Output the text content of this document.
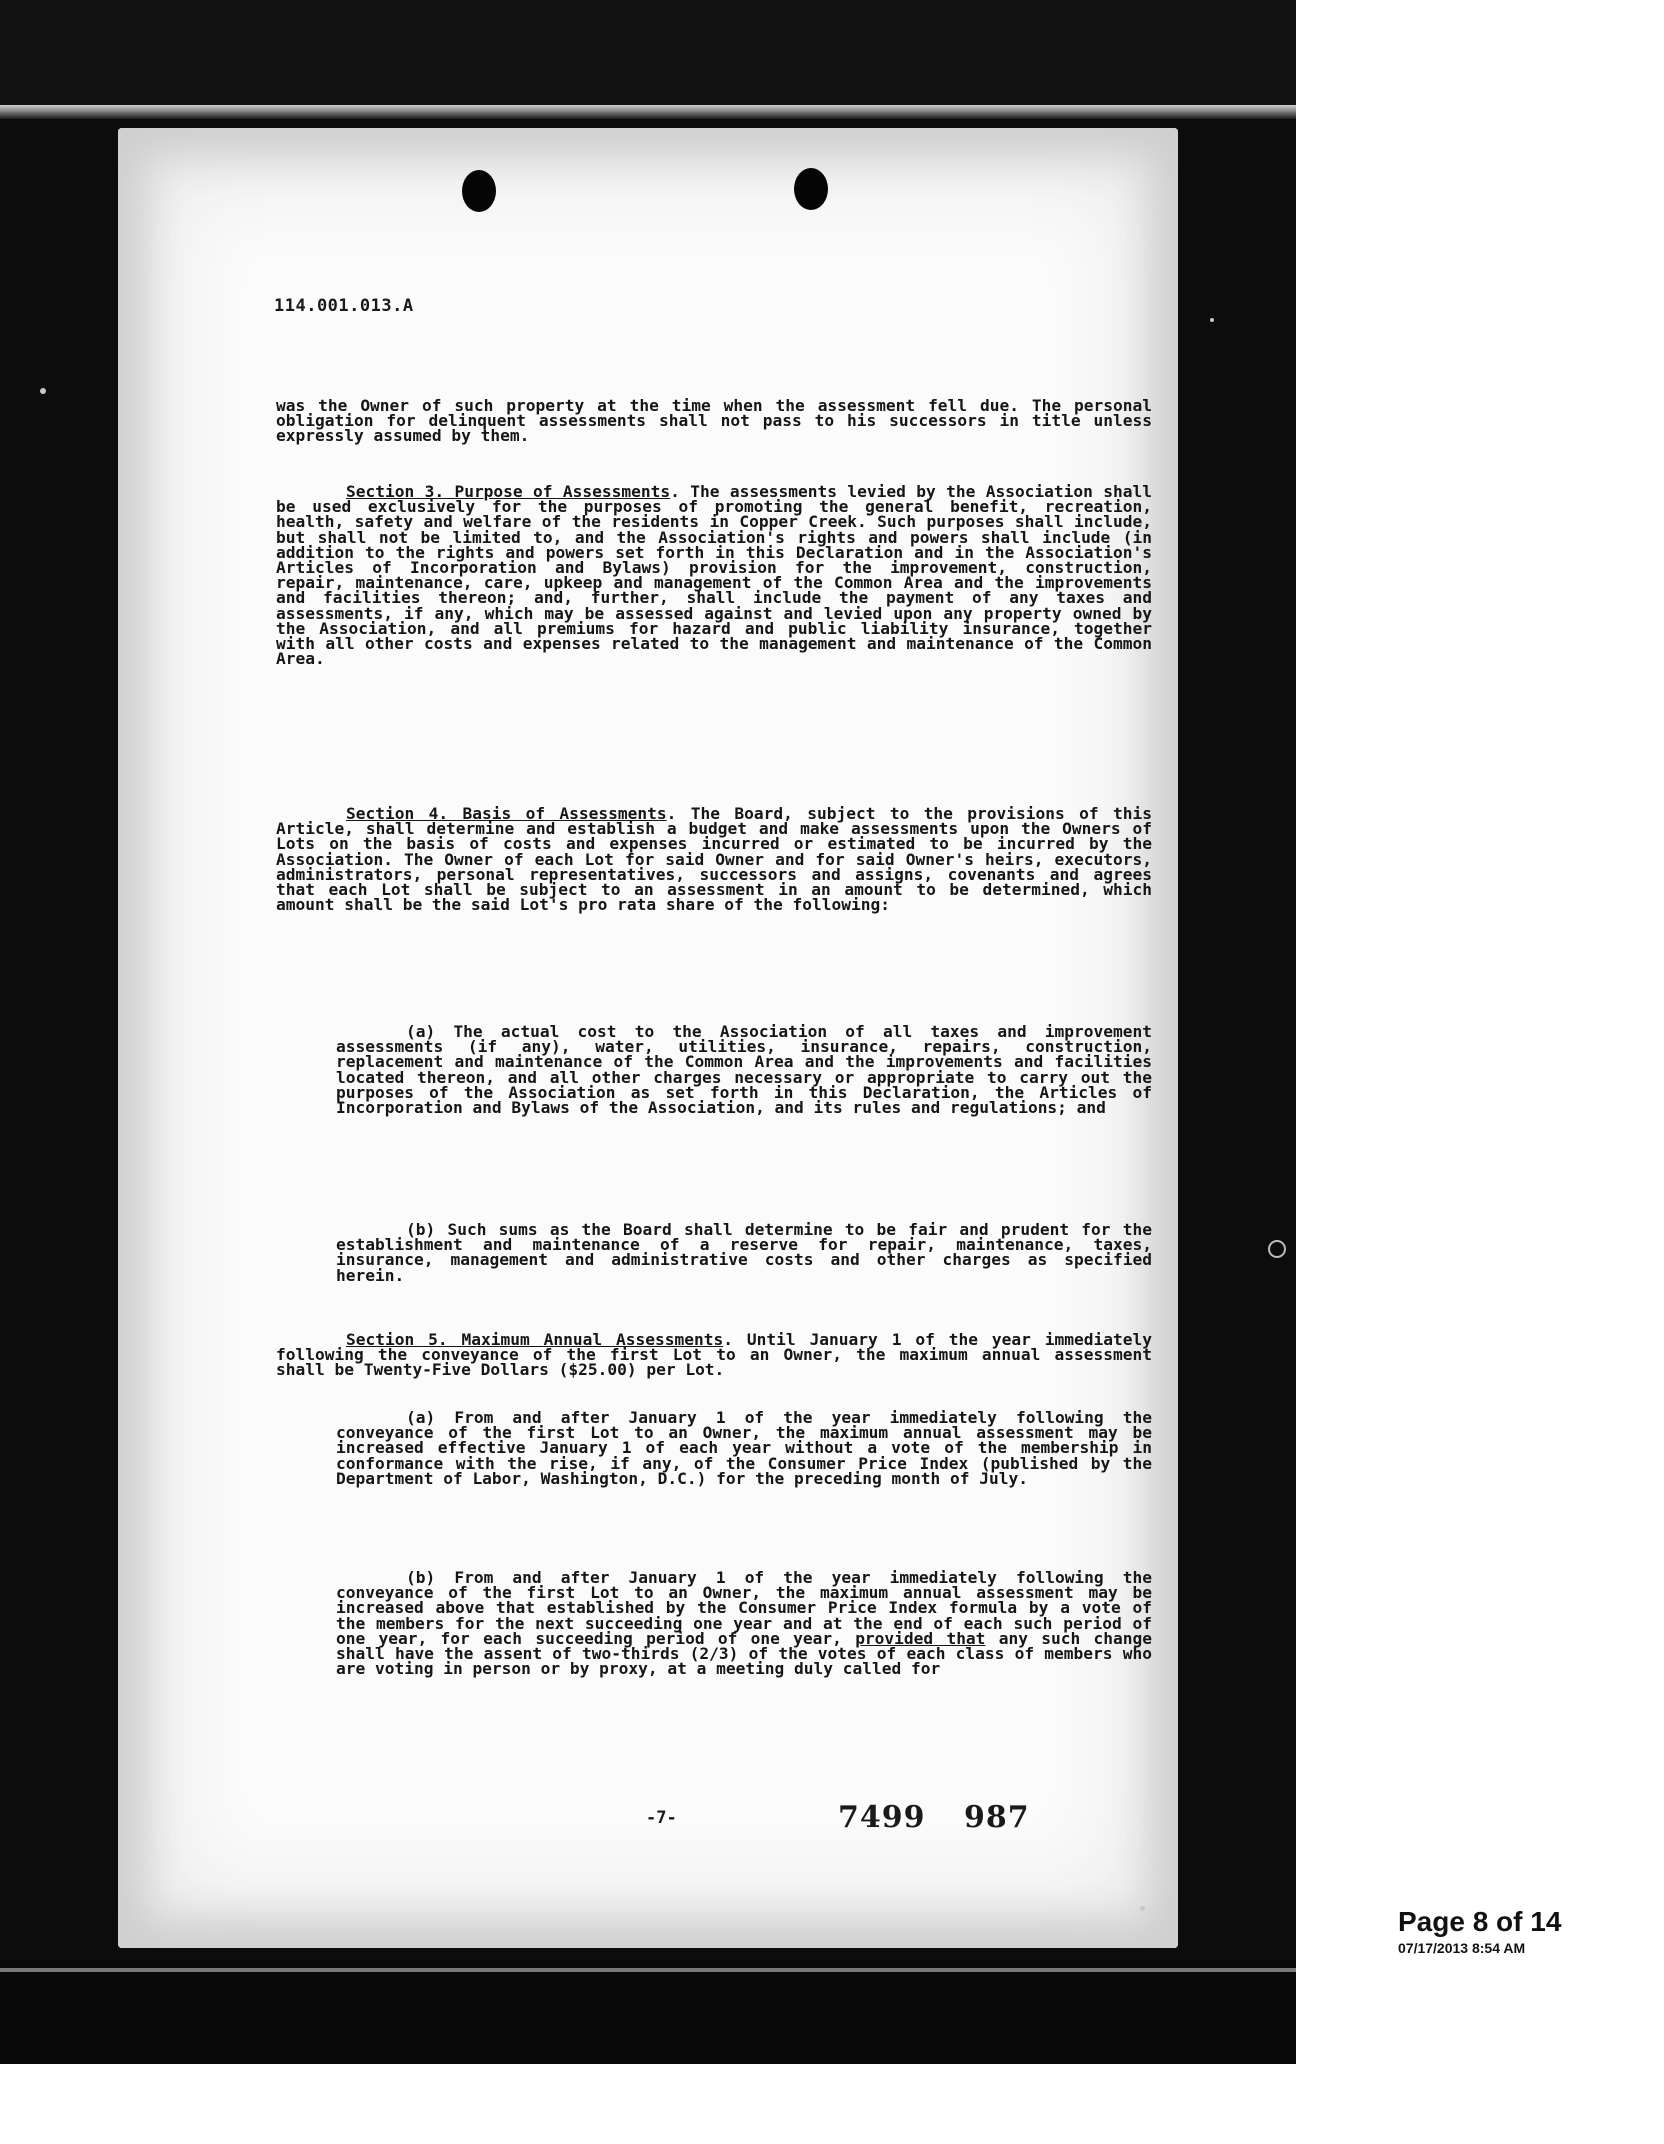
114.001.013.A

was the Owner of such property at the time when the assessment fell due. The personal obligation for delinquent assessments shall not pass to his successors in title unless expressly assumed by them.

Section 3. Purpose of Assessments. The assessments levied by the Association shall be used exclusively for the purposes of promoting the general benefit, recreation, health, safety and welfare of the residents in Copper Creek. Such purposes shall include, but shall not be limited to, and the Association's rights and powers shall include (in addition to the rights and powers set forth in this Declaration and in the Association's Articles of Incorporation and Bylaws) provision for the improvement, construction, repair, maintenance, care, upkeep and management of the Common Area and the improvements and facilities thereon; and, further, shall include the payment of any taxes and assessments, if any, which may be assessed against and levied upon any property owned by the Association, and all premiums for hazard and public liability insurance, together with all other costs and expenses related to the management and maintenance of the Common Area.

Section 4. Basis of Assessments. The Board, subject to the provisions of this Article, shall determine and establish a budget and make assessments upon the Owners of Lots on the basis of costs and expenses incurred or estimated to be incurred by the Association. The Owner of each Lot for said Owner and for said Owner's heirs, executors, administrators, personal representatives, successors and assigns, covenants and agrees that each Lot shall be subject to an assessment in an amount to be determined, which amount shall be the said Lot's pro rata share of the following:

(a) The actual cost to the Association of all taxes and improvement assessments (if any), water, utilities, insurance, repairs, construction, replacement and maintenance of the Common Area and the improvements and facilities located thereon, and all other charges necessary or appropriate to carry out the purposes of the Association as set forth in this Declaration, the Articles of Incorporation and Bylaws of the Association, and its rules and regulations; and

(b) Such sums as the Board shall determine to be fair and prudent for the establishment and maintenance of a reserve for repair, maintenance, taxes, insurance, management and administrative costs and other charges as specified herein.

Section 5. Maximum Annual Assessments. Until January 1 of the year immediately following the conveyance of the first Lot to an Owner, the maximum annual assessment shall be Twenty-Five Dollars ($25.00) per Lot.

(a) From and after January 1 of the year immediately following the conveyance of the first Lot to an Owner, the maximum annual assessment may be increased effective January 1 of each year without a vote of the membership in conformance with the rise, if any, of the Consumer Price Index (published by the Department of Labor, Washington, D.C.) for the preceding month of July.

(b) From and after January 1 of the year immediately following the conveyance of the first Lot to an Owner, the maximum annual assessment may be increased above that established by the Consumer Price Index formula by a vote of the members for the next succeeding one year and at the end of each such period of one year, for each succeeding period of one year, provided that any such change shall have the assent of two-thirds (2/3) of the votes of each class of members who are voting in person or by proxy, at a meeting duly called for

-7-	7499 987
Page 8 of 14
07/17/2013 8:54 AM
